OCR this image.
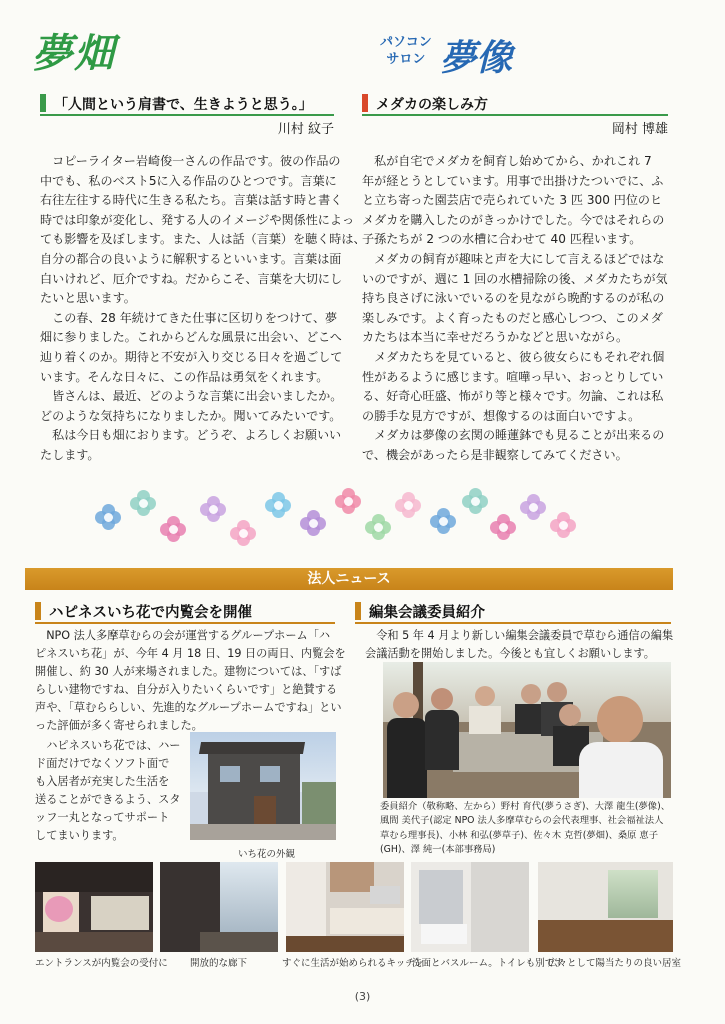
夢畑	パソコン
サロン 夢像
「人間という肩書で、生きようと思う。」
川村 紋子
コピーライター岩崎俊一さんの作品です。彼の作品の
中でも、私のベスト5に入る作品のひとつです。言葉に
右往左往する時代に生きる私たち。言葉は話す時と書く
時では印象が変化し、発する人のイメージや関係性によっ
ても影響を及ぼします。また、人は話（言葉）を聴く時は、
自分の都合の良いように解釈するといいます。言葉は面
白いけれど、厄介ですね。だからこそ、言葉を大切にし
たいと思います。
この春、28 年続けてきた仕事に区切りをつけて、夢
畑に参りました。これからどんな風景に出会い、どこへ
辿り着くのか。期待と不安が入り交じる日々を過ごして
います。そんな日々に、この作品は勇気をくれます。
皆さんは、最近、どのような言葉に出会いましたか。
どのような気持ちになりましたか。聞いてみたいです。
私は今日も畑におります。どうぞ、よろしくお願いい
たします。
メダカの楽しみ方
岡村 博雄
私が自宅でメダカを飼育し始めてから、かれこれ 7
年が経とうとしています。用事で出掛けたついでに、ふ
と立ち寄った園芸店で売られていた 3 匹 300 円位のヒ
メダカを購入したのがきっかけでした。今ではそれらの
子孫たちが 2 つの水槽に合わせて 40 匹程います。
メダカの飼育が趣味と声を大にして言えるほどではな
いのですが、週に 1 回の水槽掃除の後、メダカたちが気
持ち良さげに泳いでいるのを見ながら晩酌するのが私の
楽しみです。よく育ったものだと感心しつつ、このメダ
カたちは本当に幸せだろうかなどと思いながら。
メダカたちを見ていると、彼ら彼女らにもそれぞれ個
性があるように感じます。喧嘩っ早い、おっとりしてい
る、好奇心旺盛、怖がり等と様々です。勿論、これは私
の勝手な見方ですが、想像するのは面白いですよ。
メダカは夢像の玄関の睡蓮鉢でも見ることが出来るの
で、機会があったら是非観察してみてください。
法人ニュース
ハピネスいち花で内覧会を開催
NPO 法人多摩草むらの会が運営するグループホーム「ハ
ピネスいち花」が、今年 4 月 18 日、19 日の両日、内覧会を
開催し、約 30 人が来場されました。建物については、「すば
らしい建物ですね、自分が入りたいくらいです」と絶賛する
声や、「草むららしい、先進的なグループホームですね」とい
った評価が多く寄せられました。
ハピネスいち花では、ハー
ド面だけでなくソフト面で
も入居者が充実した生活を
送ることができるよう、スタ
ッフ一丸となってサポート
してまいります。
いち花の外観
編集会議委員紹介
令和 5 年 4 月より新しい編集会議委員で草むら通信の編集
会議活動を開始しました。今後とも宜しくお願いします。
委員紹介（敬称略、左から）野村 育代(夢うさぎ)、大澤 龍生(夢像)、
風間 美代子(認定 NPO 法人多摩草むらの会代表理事、社会福祉法人
草むら理事長)、小林 和弘(夢草子)、佐々木 克哲(夢畑)、桑原 恵子
(GH)、澤 純一(本部事務局)
エントランスが内覧会の受付に 開放的な廊下	すぐに生活が始められるキッチン
洗面とバスルーム。トイレも別です
広々として陽当たりの良い居室
(3)
